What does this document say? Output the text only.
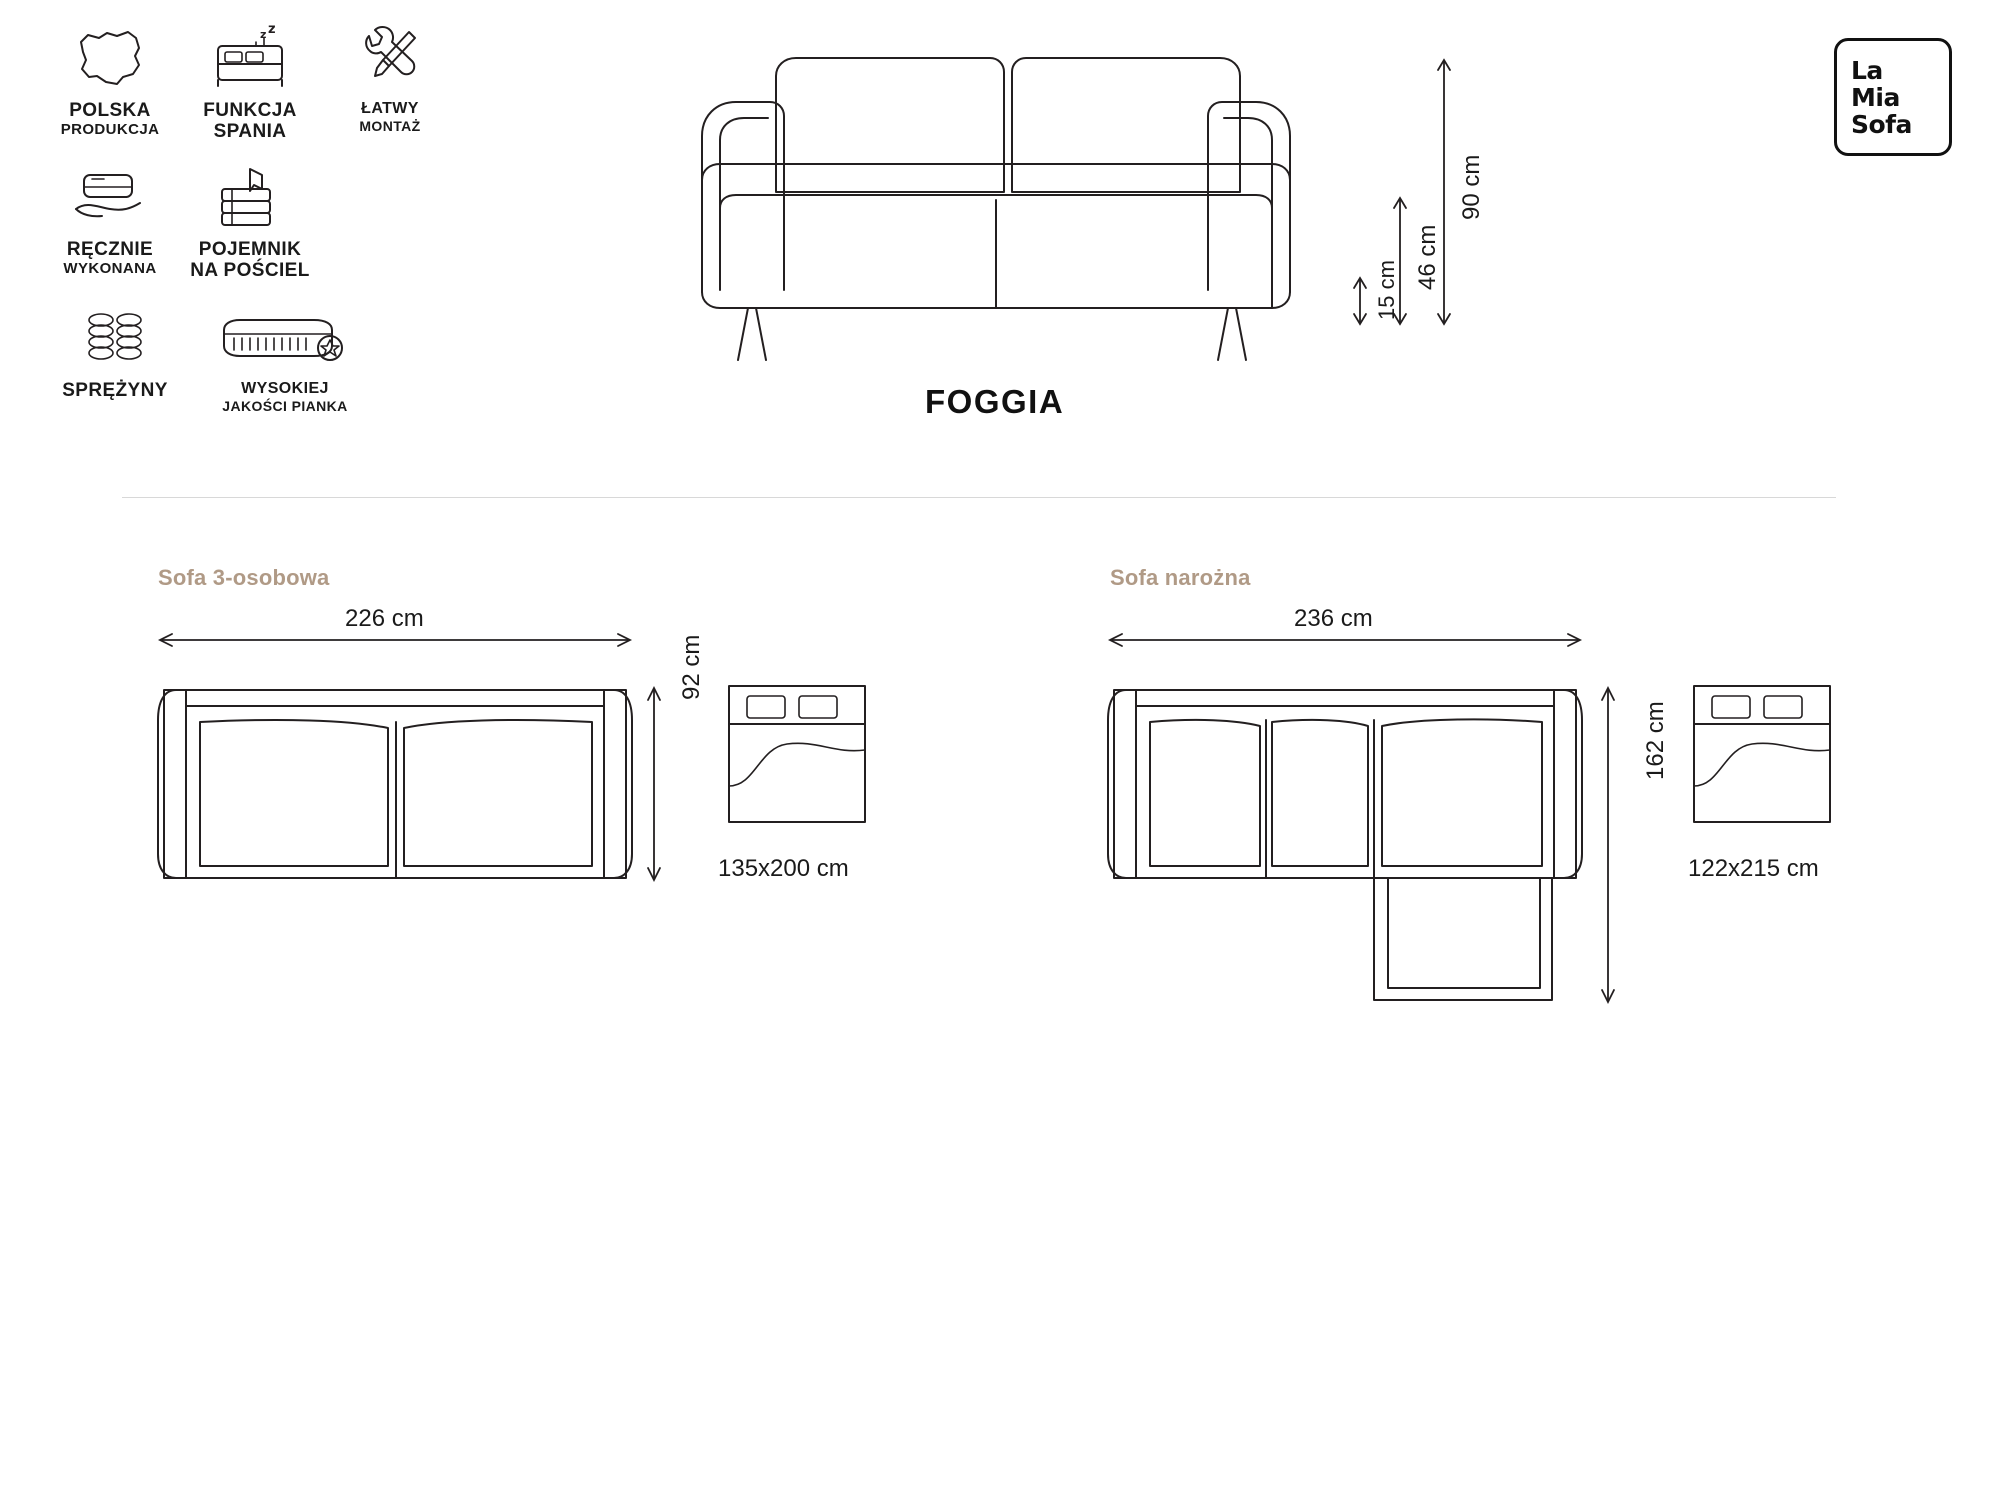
POLSKA
PRODUKCJA
z z
FUNKCJA
SPANIA
ŁATWY
MONTAŻ
RĘCZNIE
WYKONANA
POJEMNIK
NA POŚCIEL
SPRĘŻYNY	WYSOKIEJ
JAKOŚCI PIANKA
La
Mia
Sofa
FOGGIA
90 cm
46 cm
15 cm
Sofa 3-osobowa	Sofa narożna
226 cm
92 cm
135x200 cm
236 cm
162 cm
122x215 cm
